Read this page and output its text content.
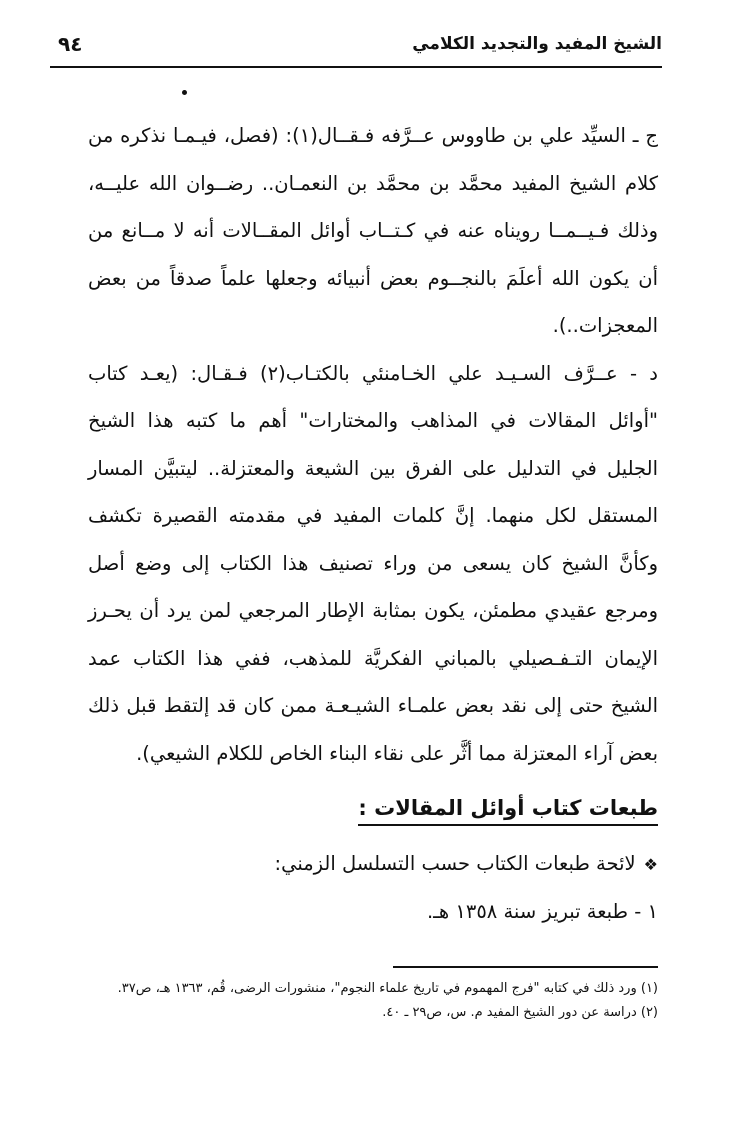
٩٤	الشيخ المفيد والتجديد الكلامي

ج ـ السيِّد علي بن طاووس عــرَّفه فـقــال(١): (فصل، فيـمـا نذكره من كلام الشيخ المفيد محمَّد بن محمَّد بن النعمـان.. رضــوان الله عليــه، وذلك فـيــمــا رويناه عنه في كـتــاب أوائل المقــالات أنه لا مــانع من أن يكون الله أعلَمَ بالنجــوم بعض أنبيائه وجعلها علماً صدقاً من بعض المعجزات..).

د - عــرَّف السـيـد علي الخـامنئي بالكتـاب(٢) فـقـال: (يعـد كتاب "أوائل المقالات في المذاهب والمختارات" أهم ما كتبه هذا الشيخ الجليل في التدليل على الفرق بين الشيعة والمعتزلة.. ليتبيَّن المسار المستقل لكل منهما. إنَّ كلمات المفيد في مقدمته القصيرة تكشف وكأنَّ الشيخ كان يسعى من وراء تصنيف هذا الكتاب إلى وضع أصل ومرجع عقيدي مطمئن، يكون بمثابة الإطار المرجعي لمن يرد أن يحـرز الإيمان التـفـصيلي بالمباني الفكريَّة للمذهب، ففي هذا الكتاب عمد الشيخ حتى إلى نقد بعض علمـاء الشيـعـة ممن كان قد إلتقط قبل ذلك بعض آراء المعتزلة مما أثَّر على نقاء البناء الخاص للكلام الشيعي).

طبعات كتاب أوائل المقالات :
❖لائحة طبعات الكتاب حسب التسلسل الزمني:
١ - طبعة تبريز سنة ١٣٥٨ هـ.

(١) ورد ذلك في كتابه "فرج المهموم في تاريخ علماء النجوم"، منشورات الرضى، قُم، ١٣٦٣ هـ، ص٣٧.

(٢) دراسة عن دور الشيخ المفيد م. س، ص٢٩ ـ ٤٠.
